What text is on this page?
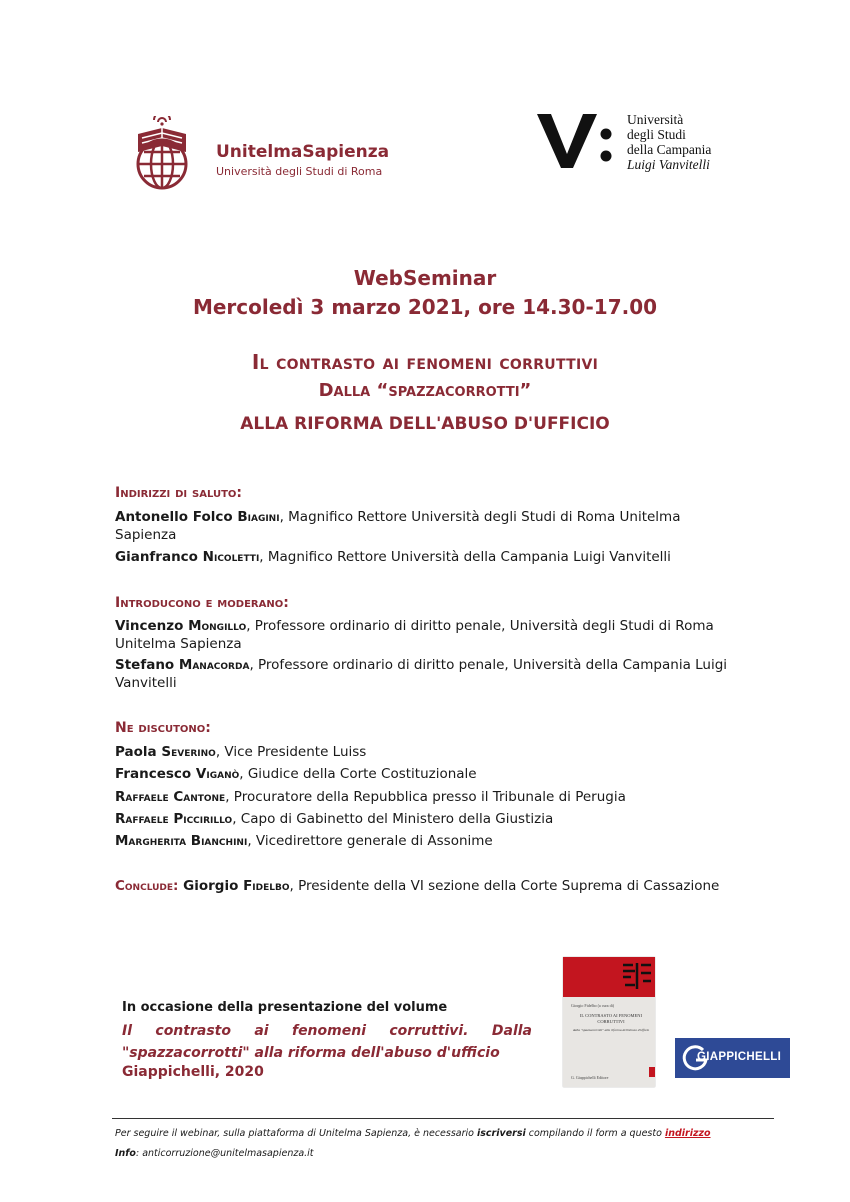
UnitelmaSapienza
Università degli Studi di Roma
Università
degli Studi
della Campania
Luigi Vanvitelli
WebSeminar
Mercoledì 3 marzo 2021, ore 14.30-17.00
Il contrasto ai fenomeni corruttivi
Dalla “spazzacorrotti”
ALLA RIFORMA DELL'ABUSO D'UFFICIO
Indirizzi di saluto:
Antonello Folco Biagini, Magnifico Rettore Università degli Studi di Roma Unitelma Sapienza
Gianfranco Nicoletti, Magnifico Rettore Università della Campania Luigi Vanvitelli
Introducono e moderano:
Vincenzo Mongillo, Professore ordinario di diritto penale, Università degli Studi di Roma Unitelma Sapienza
Stefano Manacorda, Professore ordinario di diritto penale, Università della Campania Luigi Vanvitelli
Ne discutono:
Paola Severino, Vice Presidente Luiss
Francesco Viganò, Giudice della Corte Costituzionale
Raffaele Cantone, Procuratore della Repubblica presso il Tribunale di Perugia
Raffaele Piccirillo, Capo di Gabinetto del Ministero della Giustizia
Margherita Bianchini, Vicedirettore generale di Assonime
Conclude: Giorgio Fidelbo, Presidente della VI sezione della Corte Suprema di Cassazione
In occasione della presentazione del volume
Il contrasto ai fenomeni corruttivi. Dalla "spazzacorrotti" alla riforma dell'abuso d'ufficio
Giappichelli, 2020
Giorgio Fidelbo (a cura di)
IL CONTRASTO AI FENOMENI CORRUTTIVI
dalla "spazzacorrotti" alla riforma dell'abuso d'ufficio
G. Giappichelli Editore
GIAPPICHELLI
Per seguire il webinar, sulla piattaforma di Unitelma Sapienza, è necessario iscriversi compilando il form a questo indirizzo
Info: anticorruzione@unitelmasapienza.it
